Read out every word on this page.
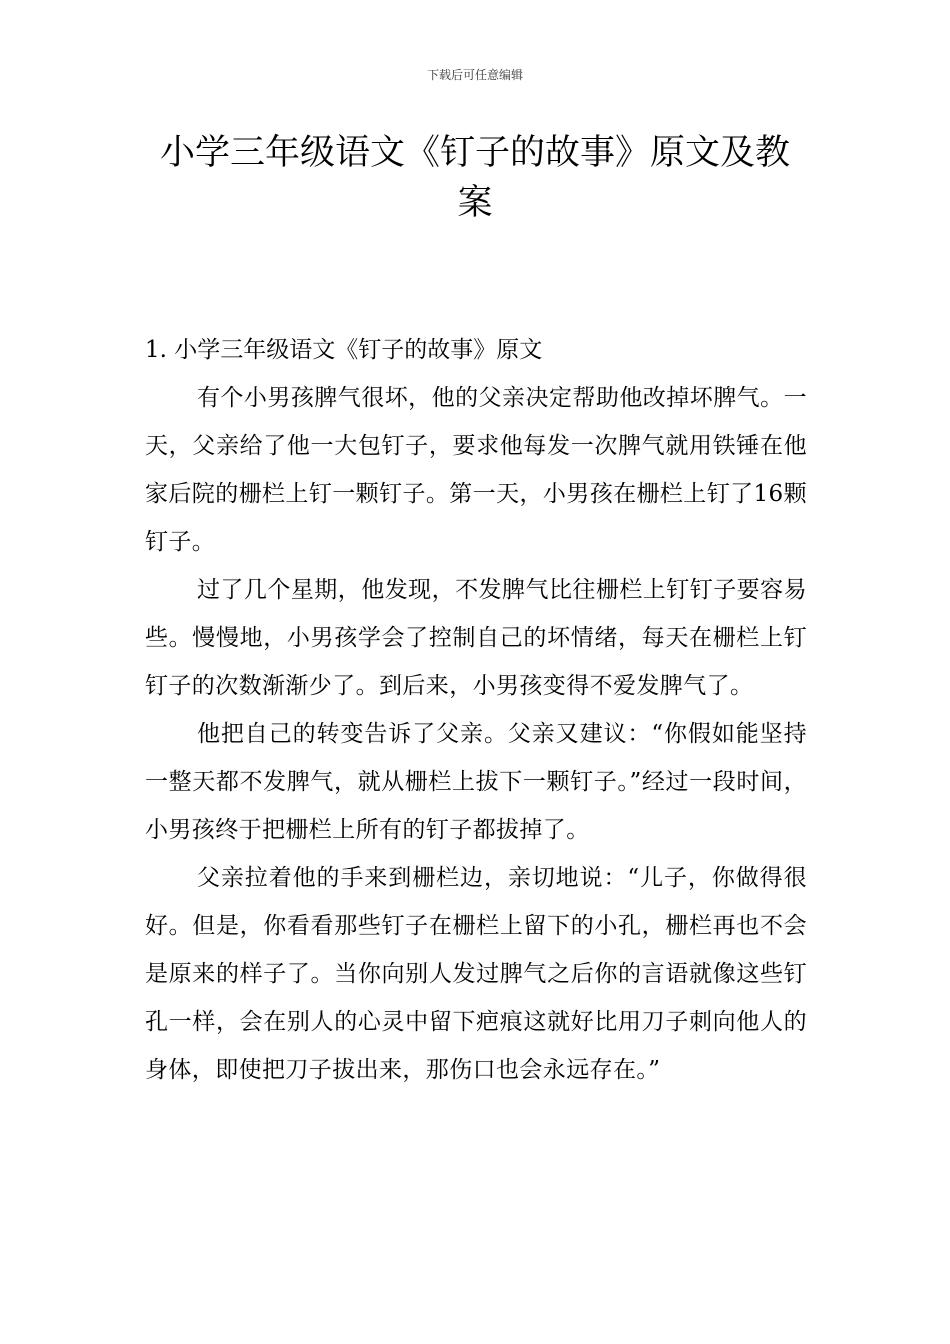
下载后可任意编辑
小学三年级语文《钉子的故事》原文及教案
1. 小学三年级语文《钉子的故事》原文

有个小男孩脾气很坏，他的父亲决定帮助他改掉坏脾气。一天，父亲给了他一大包钉子，要求他每发一次脾气就用铁锤在他家后院的栅栏上钉一颗钉子。第一天，小男孩在栅栏上钉了16颗钉子。

过了几个星期，他发现，不发脾气比往栅栏上钉钉子要容易些。慢慢地，小男孩学会了控制自己的坏情绪，每天在栅栏上钉钉子的次数渐渐少了。到后来，小男孩变得不爱发脾气了。

他把自己的转变告诉了父亲。父亲又建议：“你假如能坚持一整天都不发脾气，就从栅栏上拔下一颗钉子。”经过一段时间，小男孩终于把栅栏上所有的钉子都拔掉了。

父亲拉着他的手来到栅栏边，亲切地说：“儿子，你做得很好。但是，你看看那些钉子在栅栏上留下的小孔，栅栏再也不会是原来的样子了。当你向别人发过脾气之后你的言语就像这些钉孔一样，会在别人的心灵中留下疤痕这就好比用刀子刺向他人的身体，即使把刀子拔出来，那伤口也会永远存在。”
